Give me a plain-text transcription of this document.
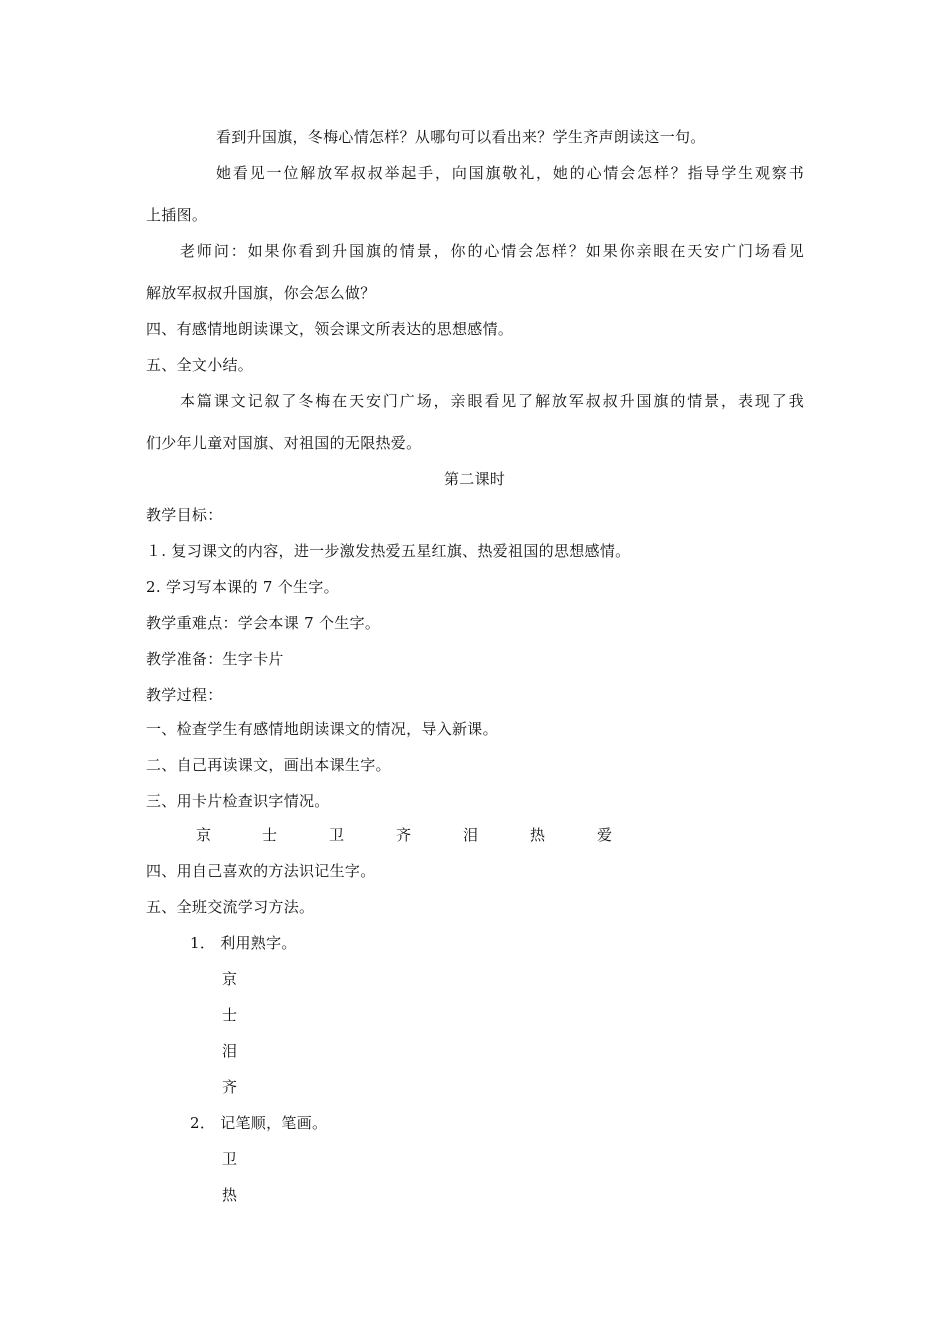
看到升国旗，冬梅心情怎样？从哪句可以看出来？学生齐声朗读这一句。
她看见一位解放军叔叔举起手，向国旗敬礼，她的心情会怎样？指导学生观察书
上插图。
老师问：如果你看到升国旗的情景，你的心情会怎样？如果你亲眼在天安广门场看见
解放军叔叔升国旗，你会怎么做？
四、有感情地朗读课文，领会课文所表达的思想感情。
五、全文小结。
本篇课文记叙了冬梅在天安门广场，亲眼看见了解放军叔叔升国旗的情景，表现了我
们少年儿童对国旗、对祖国的无限热爱。
第二课时
教学目标：
１. 复习课文的内容，进一步激发热爱五星红旗、热爱祖国的思想感情。
2. 学习写本课的 7 个生字。
教学重难点：学会本课 7 个生字。
教学准备：生字卡片
教学过程：
一、检查学生有感情地朗读课文的情况，导入新课。
二、自己再读课文，画出本课生字。
三、用卡片检查识字情况。
京	士	卫	齐	泪	热	爱
四、用自己喜欢的方法识记生字。
五、全班交流学习方法。
1． 利用熟字。
京
士
泪
齐
2． 记笔顺，笔画。
卫
热
